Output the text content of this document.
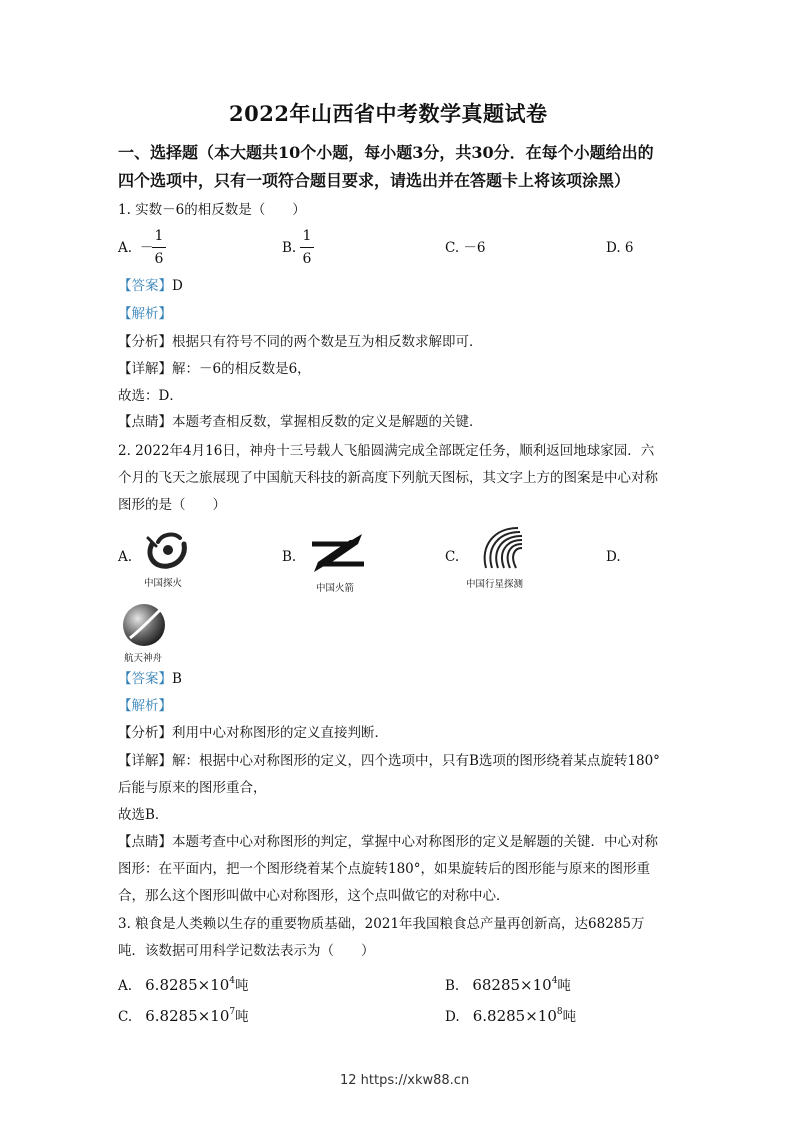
2022年山西省中考数学真题试卷
一、选择题（本大题共10个小题，每小题3分，共30分．在每个小题给出的
四个选项中，只有一项符合题目要求，请选出并在答题卡上将该项涂黑）
1. 实数－6的相反数是（　　）
A. －
1
6
B.
1
6
C. －6	D. 6
【答案】D
【解析】
【分析】根据只有符号不同的两个数是互为相反数求解即可．
【详解】解：－6的相反数是6，
故选：D．
【点睛】本题考查相反数，掌握相反数的定义是解题的关键．
2. 2022年4月16日，神舟十三号载人飞船圆满完成全部既定任务，顺利返回地球家园．六
个月的飞天之旅展现了中国航天科技的新高度下列航天图标，其文字上方的图案是中心对称
图形的是（　　）
A.	B.	C.	D.
中国探火	中国火箭	中国行星探测
航天神舟
【答案】B
【解析】
【分析】利用中心对称图形的定义直接判断．
【详解】解：根据中心对称图形的定义，四个选项中，只有B选项的图形绕着某点旋转180°
后能与原来的图形重合，
故选B．
【点睛】本题考查中心对称图形的判定，掌握中心对称图形的定义是解题的关键．中心对称
图形：在平面内，把一个图形绕着某个点旋转180°，如果旋转后的图形能与原来的图形重
合，那么这个图形叫做中心对称图形，这个点叫做它的对称中心．
3. 粮食是人类赖以生存的重要物质基础，2021年我国粮食总产量再创新高，达68285万
吨．该数据可用科学记数法表示为（　　）
A. $6.8285\times 10^4$吨	B. $68285\times 10^4$吨
C. $6.8285\times 10^7$吨	D. $6.8285\times 10^8$吨
12 https://xkw88.cn
